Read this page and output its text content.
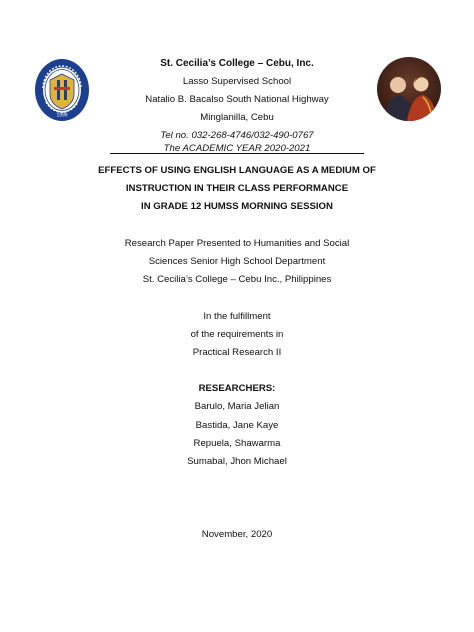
1999
St. Cecilia’s College – Cebu, Inc.
Lasso Supervised School
Natalio B. Bacalso South National Highway
Minglanilla, Cebu
Tel no. 032-268-4746/032-490-0767
The ACADEMIC YEAR 2020-2021
EFFECTS OF USING ENGLISH LANGUAGE AS A MEDIUM OF
INSTRUCTION IN THEIR CLASS PERFORMANCE
IN GRADE 12 HUMSS MORNING SESSION
Research Paper Presented to Humanities and Social
Sciences Senior High School Department
St. Cecilia’s College – Cebu Inc., Philippines
In the fulfillment
of the requirements in
Practical Research II
RESEARCHERS:
Barulo, Maria Jelian
Bastida, Jane Kaye
Repuela, Shawarma
Sumabal, Jhon Michael
November, 2020
